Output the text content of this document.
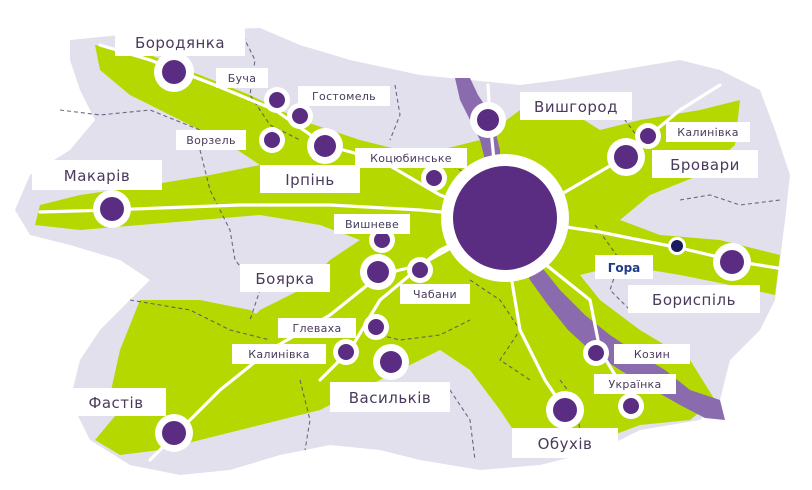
Бородянка
Буча
Гостомель
Ворзель
Вишгород
Калинівка
Бровари
Макарів	Ірпінь
Коцюбинське
Вишневе
Боярка
Чабани
Гора
Бориспіль
Глеваха
Калинівка	Козин
Фастів	Васильків
Українка
Обухів
